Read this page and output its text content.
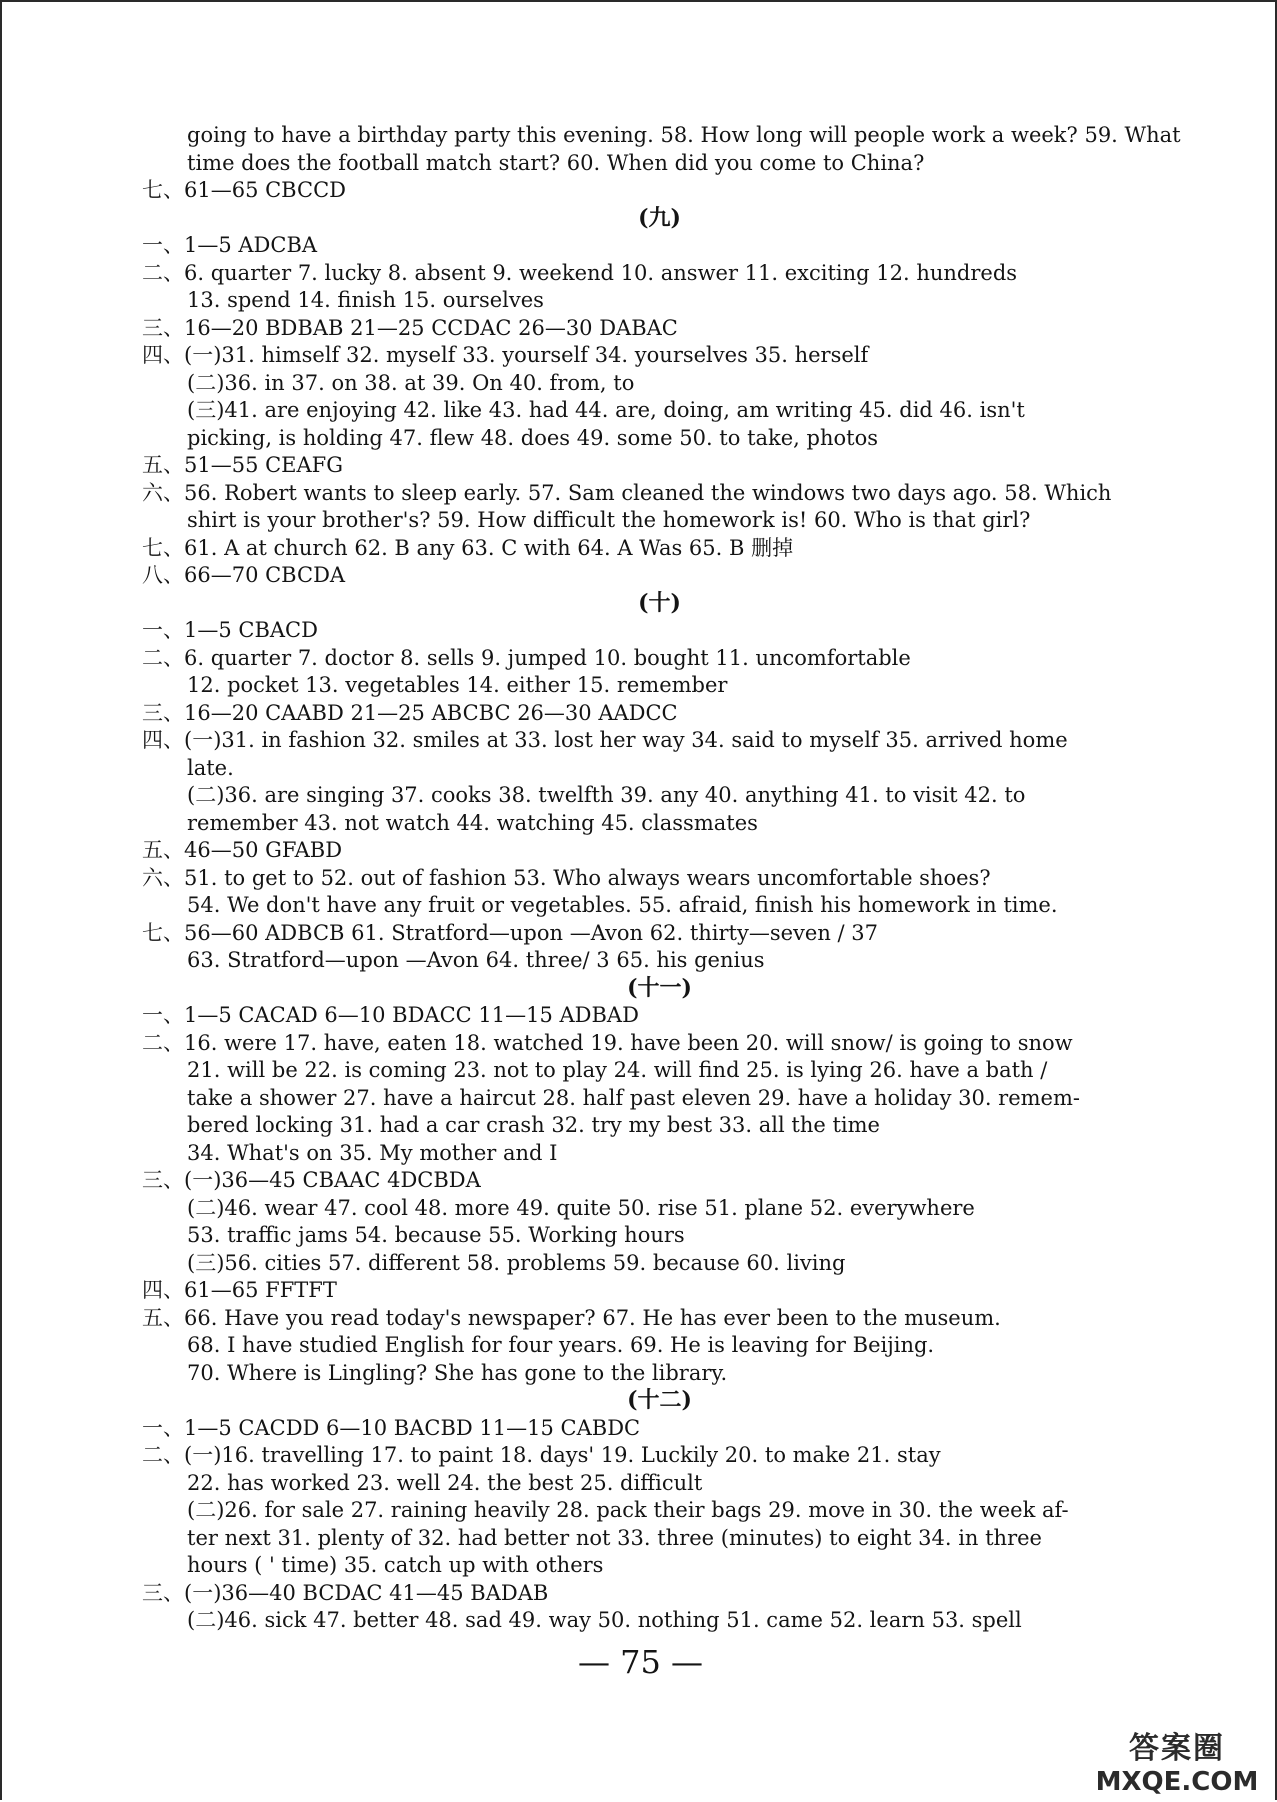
going to have a birthday party this evening. 58. How long will people work a week? 59. What
time does the football match start? 60. When did you come to China?
七、61—65 CBCCD
(九)
一、1—5 ADCBA
二、6. quarter 7. lucky 8. absent 9. weekend 10. answer 11. exciting 12. hundreds
13. spend 14. finish 15. ourselves
三、16—20 BDBAB 21—25 CCDAC 26—30 DABAC
四、(一)31. himself 32. myself 33. yourself 34. yourselves 35. herself
(二)36. in 37. on 38. at 39. On 40. from, to
(三)41. are enjoying 42. like 43. had 44. are, doing, am writing 45. did 46. isn't
picking, is holding 47. flew 48. does 49. some 50. to take, photos
五、51—55 CEAFG
六、56. Robert wants to sleep early. 57. Sam cleaned the windows two days ago. 58. Which
shirt is your brother's? 59. How difficult the homework is! 60. Who is that girl?
七、61. A at church 62. B any 63. C with 64. A Was 65. B 删掉
八、66—70 CBCDA
(十)
一、1—5 CBACD
二、6. quarter 7. doctor 8. sells 9. jumped 10. bought 11. uncomfortable
12. pocket 13. vegetables 14. either 15. remember
三、16—20 CAABD 21—25 ABCBC 26—30 AADCC
四、(一)31. in fashion 32. smiles at 33. lost her way 34. said to myself 35. arrived home
late.
(二)36. are singing 37. cooks 38. twelfth 39. any 40. anything 41. to visit 42. to
remember 43. not watch 44. watching 45. classmates
五、46—50 GFABD
六、51. to get to 52. out of fashion 53. Who always wears uncomfortable shoes?
54. We don't have any fruit or vegetables. 55. afraid, finish his homework in time.
七、56—60 ADBCB 61. Stratford—upon —Avon 62. thirty—seven / 37
63. Stratford—upon —Avon 64. three/ 3 65. his genius
(十一)
一、1—5 CACAD 6—10 BDACC 11—15 ADBAD
二、16. were 17. have, eaten 18. watched 19. have been 20. will snow/ is going to snow
21. will be 22. is coming 23. not to play 24. will find 25. is lying 26. have a bath /
take a shower 27. have a haircut 28. half past eleven 29. have a holiday 30. remem-
bered locking 31. had a car crash 32. try my best 33. all the time
34. What's on 35. My mother and I
三、(一)36—45 CBAAC 4DCBDA
(二)46. wear 47. cool 48. more 49. quite 50. rise 51. plane 52. everywhere
53. traffic jams 54. because 55. Working hours
(三)56. cities 57. different 58. problems 59. because 60. living
四、61—65 FFTFT
五、66. Have you read today's newspaper? 67. He has ever been to the museum.
68. I have studied English for four years. 69. He is leaving for Beijing.
70. Where is Lingling? She has gone to the library.
(十二)
一、1—5 CACDD 6—10 BACBD 11—15 CABDC
二、(一)16. travelling 17. to paint 18. days' 19. Luckily 20. to make 21. stay
22. has worked 23. well 24. the best 25. difficult
(二)26. for sale 27. raining heavily 28. pack their bags 29. move in 30. the week af-
ter next 31. plenty of 32. had better not 33. three (minutes) to eight 34. in three
hours ( ' time) 35. catch up with others
三、(一)36—40 BCDAC 41—45 BADAB
(二)46. sick 47. better 48. sad 49. way 50. nothing 51. came 52. learn 53. spell
— 75 —
答案圈
MXQE.COM
